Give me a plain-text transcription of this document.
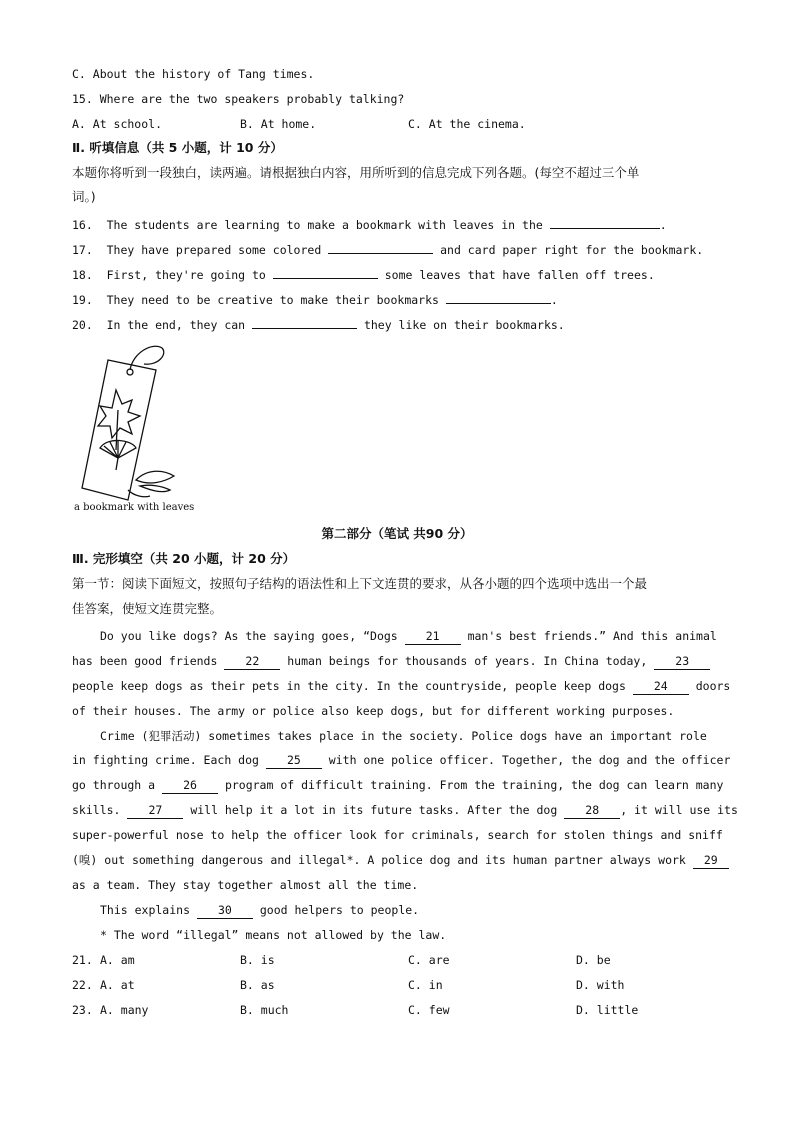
C. About the history of Tang times.
15. Where are the two speakers probably talking?
A. At school.	B. At home.	C. At the cinema.
Ⅱ. 听填信息（共 5 小题，计 10 分）
本题你将听到一段独白，读两遍。请根据独白内容，用所听到的信息完成下列各题。(每空不超过三个单
词。)
16.  The students are learning to make a bookmark with leaves in the	.
17.  They have prepared some colored	and card paper right for the bookmark.
18.  First, they're going to	some leaves that have fallen off trees.
19.  They need to be creative to make their bookmarks	.
20.  In the end, they can	they like on their bookmarks.
a bookmark with leaves
第二部分（笔试 共90 分）
Ⅲ. 完形填空（共 20 小题，计 20 分）
第一节：阅读下面短文，按照句子结构的语法性和上下文连贯的要求，从各小题的四个选项中选出一个最
佳答案，使短文连贯完整。
Do you like dogs? As the saying goes, “Dogs 21 man's best friends.” And this animal
has been good friends 22 human beings for thousands of years. In China today, 23
people keep dogs as their pets in the city. In the countryside, people keep dogs 24 doors
of their houses. The army or police also keep dogs, but for different working purposes.
Crime (犯罪活动) sometimes takes place in the society. Police dogs have an important role
in fighting crime. Each dog 25 with one police officer. Together, the dog and the officer
go through a 26 program of difficult training. From the training, the dog can learn many
skills. 27 will help it a lot in its future tasks. After the dog 28 , it will use its
super-powerful nose to help the officer look for criminals, search for stolen things and sniff
(嗅) out something dangerous and illegal*. A police dog and its human partner always work 29
as a team. They stay together almost all the time.
This explains 30 good helpers to people.
* The word “illegal” means not allowed by the law.
21. A. am	B. is	C. are	D. be
22. A. at	B. as	C. in	D. with
23. A. many	B. much	C. few	D. little
